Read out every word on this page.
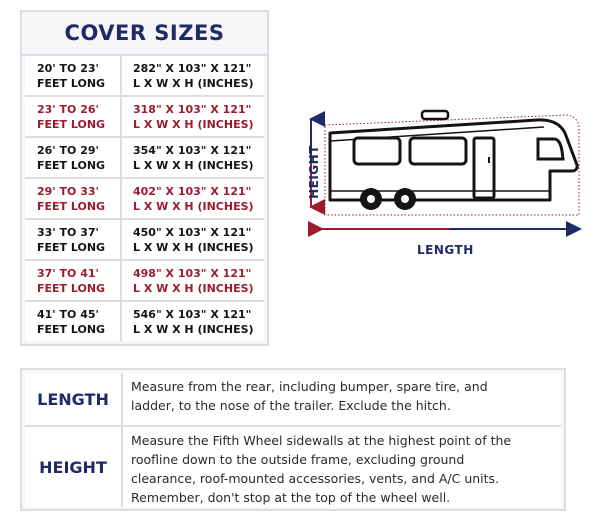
COVER SIZES
20' TO 23'
FEET LONG
282" X 103" X 121"
L X W X H (INCHES)
23' TO 26'
FEET LONG
318" X 103" X 121"
L X W X H (INCHES)
26' TO 29'
FEET LONG
354" X 103" X 121"
L X W X H (INCHES)
29' TO 33'
FEET LONG
402" X 103" X 121"
L X W X H (INCHES)
33' TO 37'
FEET LONG
450" X 103" X 121"
L X W X H (INCHES)
37' TO 41'
FEET LONG
498" X 103" X 121"
L X W X H (INCHES)
41' TO 45'
FEET LONG
546" X 103" X 121"
L X W X H (INCHES)
HEIGHT
LENGTH
LENGTH
Measure from the rear, including bumper, spare tire, and
ladder, to the nose of the trailer. Exclude the hitch.
HEIGHT
Measure the Fifth Wheel sidewalls at the highest point of the
roofline down to the outside frame, excluding ground
clearance, roof-mounted accessories, vents, and A/C units.
Remember, don't stop at the top of the wheel well.
